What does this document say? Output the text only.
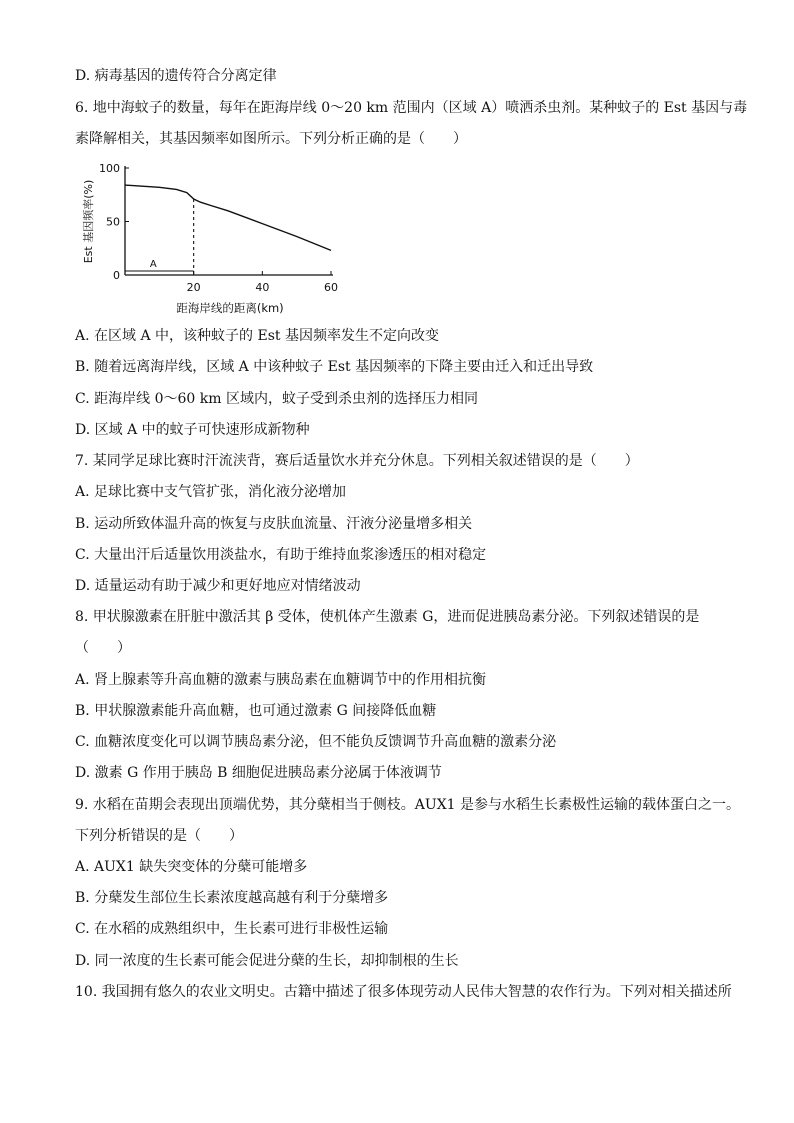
D. 病毒基因的遗传符合分离定律
6. 地中海蚊子的数量，每年在距海岸线 0～20 km 范围内（区域 A）喷洒杀虫剂。某种蚊子的 Est 基因与毒
素降解相关，其基因频率如图所示。下列分析正确的是（　　）
0
50
100
20	40	60
A
距海岸线的距离(km)
Est 基因频率(%)
A. 在区域 A 中，该种蚊子的 Est 基因频率发生不定向改变
B. 随着远离海岸线，区域 A 中该种蚊子 Est 基因频率的下降主要由迁入和迁出导致
C. 距海岸线 0～60 km 区域内，蚊子受到杀虫剂的选择压力相同
D. 区域 A 中的蚊子可快速形成新物种
7. 某同学足球比赛时汗流浃背，赛后适量饮水并充分休息。下列相关叙述错误的是（　　）
A. 足球比赛中支气管扩张，消化液分泌增加
B. 运动所致体温升高的恢复与皮肤血流量、汗液分泌量增多相关
C. 大量出汗后适量饮用淡盐水，有助于维持血浆渗透压的相对稳定
D. 适量运动有助于减少和更好地应对情绪波动
8. 甲状腺激素在肝脏中激活其 β 受体，使机体产生激素 G，进而促进胰岛素分泌。下列叙述错误的是
（　　）
A. 肾上腺素等升高血糖的激素与胰岛素在血糖调节中的作用相抗衡
B. 甲状腺激素能升高血糖，也可通过激素 G 间接降低血糖
C. 血糖浓度变化可以调节胰岛素分泌，但不能负反馈调节升高血糖的激素分泌
D. 激素 G 作用于胰岛 B 细胞促进胰岛素分泌属于体液调节
9. 水稻在苗期会表现出顶端优势，其分蘖相当于侧枝。AUX1 是参与水稻生长素极性运输的载体蛋白之一。
下列分析错误的是（　　）
A. AUX1 缺失突变体的分蘖可能增多
B. 分蘖发生部位生长素浓度越高越有利于分蘖增多
C. 在水稻的成熟组织中，生长素可进行非极性运输
D. 同一浓度的生长素可能会促进分蘖的生长，却抑制根的生长
10. 我国拥有悠久的农业文明史。古籍中描述了很多体现劳动人民伟大智慧的农作行为。下列对相关描述所
